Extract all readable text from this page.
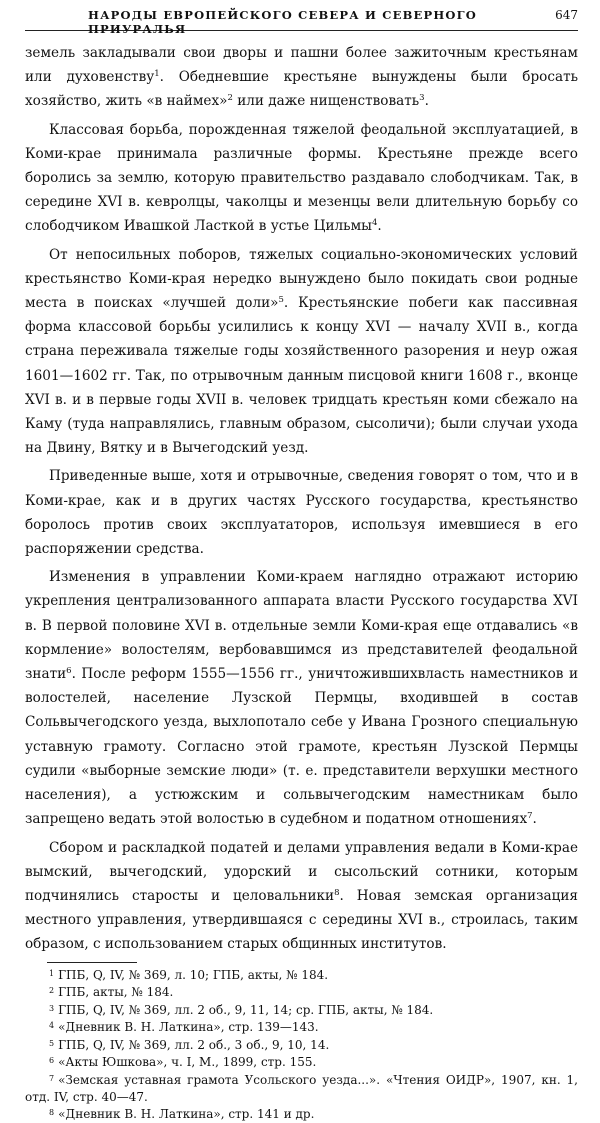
НАРОДЫ ЕВРОПЕЙСКОГО СЕВЕРА И СЕВЕРНОГО ПРИУРАЛЬЯ
647

земель закладывали свои дворы и пашни более зажиточным крестьянам или духовенству$^1$. Обедневшие крестьяне вынуждены были бросать хозяйство, жить «в наймех»$^2$ или даже нищенствовать$^3$.

Классовая борьба, порожденная тяжелой феодальной эксплуатацией, в Коми-крае принимала различные формы. Крестьяне прежде всего боролись за землю, которую правительство раздавало слободчикам. Так, в середине XVI в. кевролцы, чаколцы и мезенцы вели длительную борьбу со слободчиком Ивашкой Ласткой в устье Цильмы$^4$.

От непосильных поборов, тяжелых социально-экономических условий крестьянство Коми-края нередко вынуждено было покидать свои родные места в поисках «лучшей доли»$^5$. Крестьянские побеги как пассивная форма классовой борьбы усилились к концу XVI — началу XVII в., когда страна переживала тяжелые годы хозяйственного разорения и неур ожая 1601—1602 гг. Так, по отрывочным данным писцовой книги 1608 г., вконце XVI в. и в первые годы XVII в. человек тридцать крестьян коми сбежало на Каму (туда направлялись, главным образом, сысоличи); были случаи ухода на Двину, Вятку и в Вычегодский уезд.

Приведенные выше, хотя и отрывочные, сведения говорят о том, что и в Коми-крае, как и в других частях Русского государства, крестьянство боролось против своих эксплуататоров, используя имевшиеся в его распоряжении средства.

Изменения в управлении Коми-краем наглядно отражают историю укрепления централизованного аппарата власти Русского государства XVI в. В первой половине XVI в. отдельные земли Коми-края еще отдавались «в кормление» волостелям, вербовавшимся из представителей феодальной знати$^6$. После реформ 1555—1556 гг., уничтожившихвласть наместников и волостелей, население Лузской Пермцы, входившей в состав Сольвычегодского уезда, выхлопотало себе у Ивана Грозного специальную уставную грамоту. Согласно этой грамоте, крестьян Лузской Пермцы судили «выборные земские люди» (т. е. представители верхушки местного населения), а устюжским и сольвычегодским наместникам было запрещено ведать этой волостью в судебном и податном отношениях$^7$.

Сбором и раскладкой податей и делами управления ведали в Коми-крае вымский, вычегодский, удорский и сысольский сотники, которым подчинялись старосты и целовальники$^8$. Новая земская организация местного управления, утвердившаяся с середины XVI в., строилась, таким образом, с использованием старых общинных институтов.

$^1$ ГПБ, Q, IV, № 369, л. 10; ГПБ, акты, № 184.
$^2$ ГПБ, акты, № 184.
$^3$ ГПБ, Q, IV, № 369, лл. 2 об., 9, 11, 14; ср. ГПБ, акты, № 184.
$^4$ «Дневник В. Н. Латкина», стр. 139—143.
$^5$ ГПБ, Q, IV, № 369, лл. 2 об., 3 об., 9, 10, 14.
$^6$ «Акты Юшкова», ч. I, М., 1899, стр. 155.
$^7$ «Земская уставная грамота Усольского уезда...». «Чтения ОИДР», 1907, кн. 1, отд. IV, стр. 40—47.
$^8$ «Дневник В. Н. Латкина», стр. 141 и др.
